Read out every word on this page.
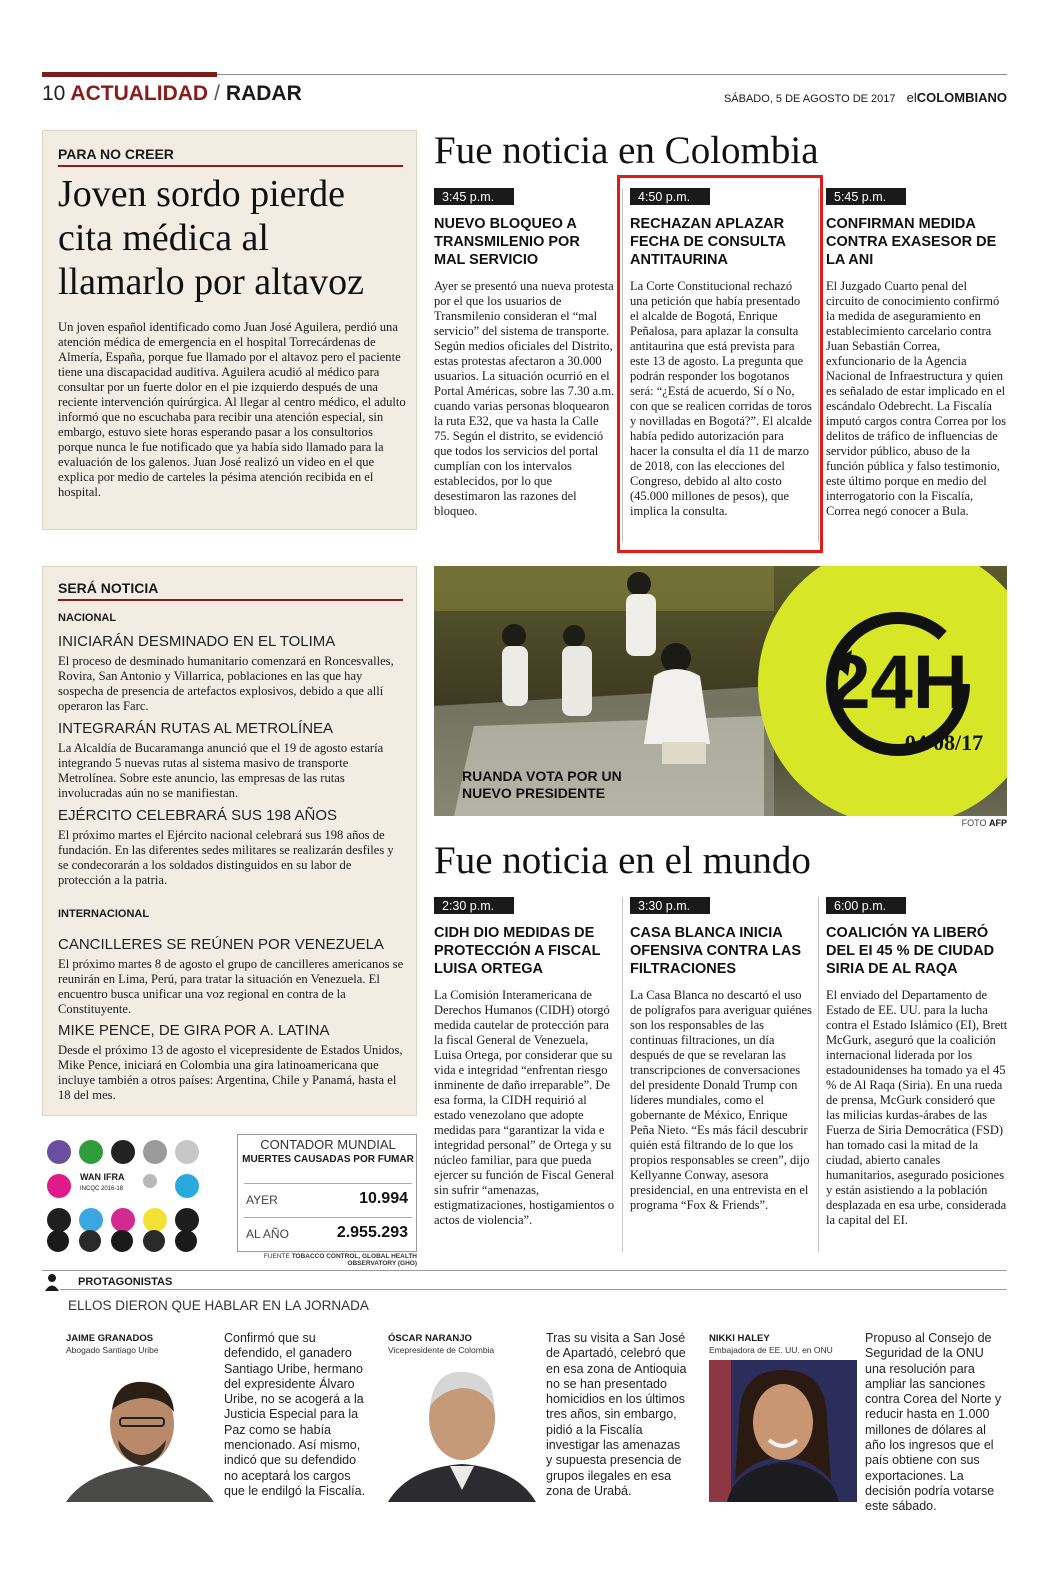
10 ACTUALIDAD / RADAR	SÁBADO, 5 DE AGOSTO DE 2017 elCOLOMBIANO
PARA NO CREER
Joven sordo pierde cita médica al llamarlo por altavoz
Un joven español identificado como Juan José Aguilera, perdió una atención médica de emergencia en el hospital Torrecárdenas de Almería, España, porque fue llamado por el altavoz pero el paciente tiene una discapacidad auditiva. Aguilera acudió al médico para consultar por un fuerte dolor en el pie izquierdo después de una reciente intervención quirúrgica. Al llegar al centro médico, el adulto informó que no escuchaba para recibir una atención especial, sin embargo, estuvo siete horas esperando pasar a los consultorios porque nunca le fue notificado que ya había sido llamado para la evaluación de los galenos. Juan José realizó un video en el que explica por medio de carteles la pésima atención recibida en el hospital.
Fue noticia en Colombia
3:45 p.m.
NUEVO BLOQUEO A TRANSMILENIO POR MAL SERVICIO
Ayer se presentó una nueva protesta por el que los usuarios de Transmilenio consideran el “mal servicio” del sistema de transporte. Según medios oficiales del Distrito, estas protestas afectaron a 30.000 usuarios. La situación ocurrió en el Portal Américas, sobre las 7.30 a.m. cuando varias personas bloquearon la ruta E32, que va hasta la Calle 75. Según el distrito, se evidenció que todos los servicios del portal cumplían con los intervalos establecidos, por lo que desestimaron las razones del bloqueo.
4:50 p.m.
RECHAZAN APLAZAR FECHA DE CONSULTA ANTITAURINA
La Corte Constitucional rechazó una petición que había presentado el alcalde de Bogotá, Enrique Peñalosa, para aplazar la consulta antitaurina que está prevista para este 13 de agosto. La pregunta que podrán responder los bogotanos será: “¿Está de acuerdo, Sí o No, con que se realicen corridas de toros y novilladas en Bogotá?”. El alcalde había pedido autorización para hacer la consulta el día 11 de marzo de 2018, con las elecciones del Congreso, debido al alto costo (45.000 millones de pesos), que implica la consulta.
5:45 p.m.
CONFIRMAN MEDIDA CONTRA EXASESOR DE LA ANI
El Juzgado Cuarto penal del circuito de conocimiento confirmó la medida de aseguramiento en establecimiento carcelario contra Juan Sebastián Correa, exfuncionario de la Agencia Nacional de Infraestructura y quien es señalado de estar implicado en el escándalo Odebrecht. La Fiscalía imputó cargos contra Correa por los delitos de tráfico de influencias de servidor público, abuso de la función pública y falso testimonio, este último porque en medio del interrogatorio con la Fiscalía, Correa negó conocer a Bula.
24H
04/08/17
RUANDA VOTA POR UN NUEVO PRESIDENTE
FOTO AFP
SERÁ NOTICIA
NACIONAL
INICIARÁN DESMINADO EN EL TOLIMA
El proceso de desminado humanitario comenzará en Roncesvalles, Rovira, San Antonio y Villarrica, poblaciones en las que hay sospecha de presencia de artefactos explosivos, debido a que allí operaron las Farc.
INTEGRARÁN RUTAS AL METROLÍNEA
La Alcaldía de Bucaramanga anunció que el 19 de agosto estaría integrando 5 nuevas rutas al sistema masivo de transporte Metrolínea. Sobre este anuncio, las empresas de las rutas involucradas aún no se manifiestan.
EJÉRCITO CELEBRARÁ SUS 198 AÑOS
El próximo martes el Ejército nacional celebrará sus 198 años de fundación. En las diferentes sedes militares se realizarán desfiles y se condecorarán a los soldados distinguidos en su labor de protección a la patria.
INTERNACIONAL
CANCILLERES SE REÚNEN POR VENEZUELA
El próximo martes 8 de agosto el grupo de cancilleres americanos se reunirán en Lima, Perú, para tratar la situación en Venezuela. El encuentro busca unificar una voz regional en contra de la Constituyente.
MIKE PENCE, DE GIRA POR A. LATINA
Desde el próximo 13 de agosto el vicepresidente de Estados Unidos, Mike Pence, iniciará en Colombia una gira latinoamericana que incluye también a otros países: Argentina, Chile y Panamá, hasta el 18 del mes.
Fue noticia en el mundo
2:30 p.m.
CIDH DIO MEDIDAS DE PROTECCIÓN A FISCAL LUISA ORTEGA
La Comisión Interamericana de Derechos Humanos (CIDH) otorgó medida cautelar de protección para la fiscal General de Venezuela, Luisa Ortega, por considerar que su vida e integridad “enfrentan riesgo inminente de daño irreparable”. De esa forma, la CIDH requirió al estado venezolano que adopte medidas para “garantizar la vida e integridad personal” de Ortega y su núcleo familiar, para que pueda ejercer su función de Fiscal General sin sufrir “amenazas, estigmatizaciones, hostigamientos o actos de violencia”.
3:30 p.m.
CASA BLANCA INICIA OFENSIVA CONTRA LAS FILTRACIONES
La Casa Blanca no descartó el uso de polígrafos para averiguar quiénes son los responsables de las continuas filtraciones, un día después de que se revelaran las transcripciones de conversaciones del presidente Donald Trump con líderes mundiales, como el gobernante de México, Enrique Peña Nieto. “Es más fácil descubrir quién está filtrando de lo que los propios responsables se creen”, dijo Kellyanne Conway, asesora presidencial, en una entrevista en el programa “Fox & Friends”.
6:00 p.m.
COALICIÓN YA LIBERÓ DEL EI 45 % DE CIUDAD SIRIA DE AL RAQA
El enviado del Departamento de Estado de EE. UU. para la lucha contra el Estado Islámico (EI), Brett McGurk, aseguró que la coalición internacional liderada por los estadounidenses ha tomado ya el 45 % de Al Raqa (Siria). En una rueda de prensa, McGurk consideró que las milicias kurdas-árabes de las Fuerza de Siria Democrática (FSD) han tomado casi la mitad de la ciudad, abierto canales humanitarios, asegurado posiciones y están asistiendo a la población desplazada en esa urbe, considerada la capital del EI.
WAN IFRA
INCQC 2016-18
CONTADOR MUNDIAL
MUERTES CAUSADAS POR FUMAR
AYER	10.994
AL AÑO	2.955.293
FUENTE TOBACCO CONTROL, GLOBAL HEALTH OBSERVATORY (GHO)
PROTAGONISTAS
ELLOS DIERON QUE HABLAR EN LA JORNADA
JAIME GRANADOS
Abogado Santiago Uribe
Confirmó que su defendido, el ganadero Santiago Uribe, hermano del expresidente Álvaro Uribe, no se acogerá a la Justicia Especial para la Paz como se había mencionado. Así mismo, indicó que su defendido no aceptará los cargos que le endilgó la Fiscalía.
ÓSCAR NARANJO
Vicepresidente de Colombia
Tras su visita a San José de Apartadó, celebró que en esa zona de Antioquia no se han presentado homicidios en los últimos tres años, sin embargo, pidió a la Fiscalía investigar las amenazas y supuesta presencia de grupos ilegales en esa zona de Urabá.
NIKKI HALEY
Embajadora de EE. UU. en ONU
Propuso al Consejo de Seguridad de la ONU una resolución para ampliar las sanciones contra Corea del Norte y reducir hasta en 1.000 millones de dólares al año los ingresos que el país obtiene con sus exportaciones. La decisión podría votarse este sábado.
